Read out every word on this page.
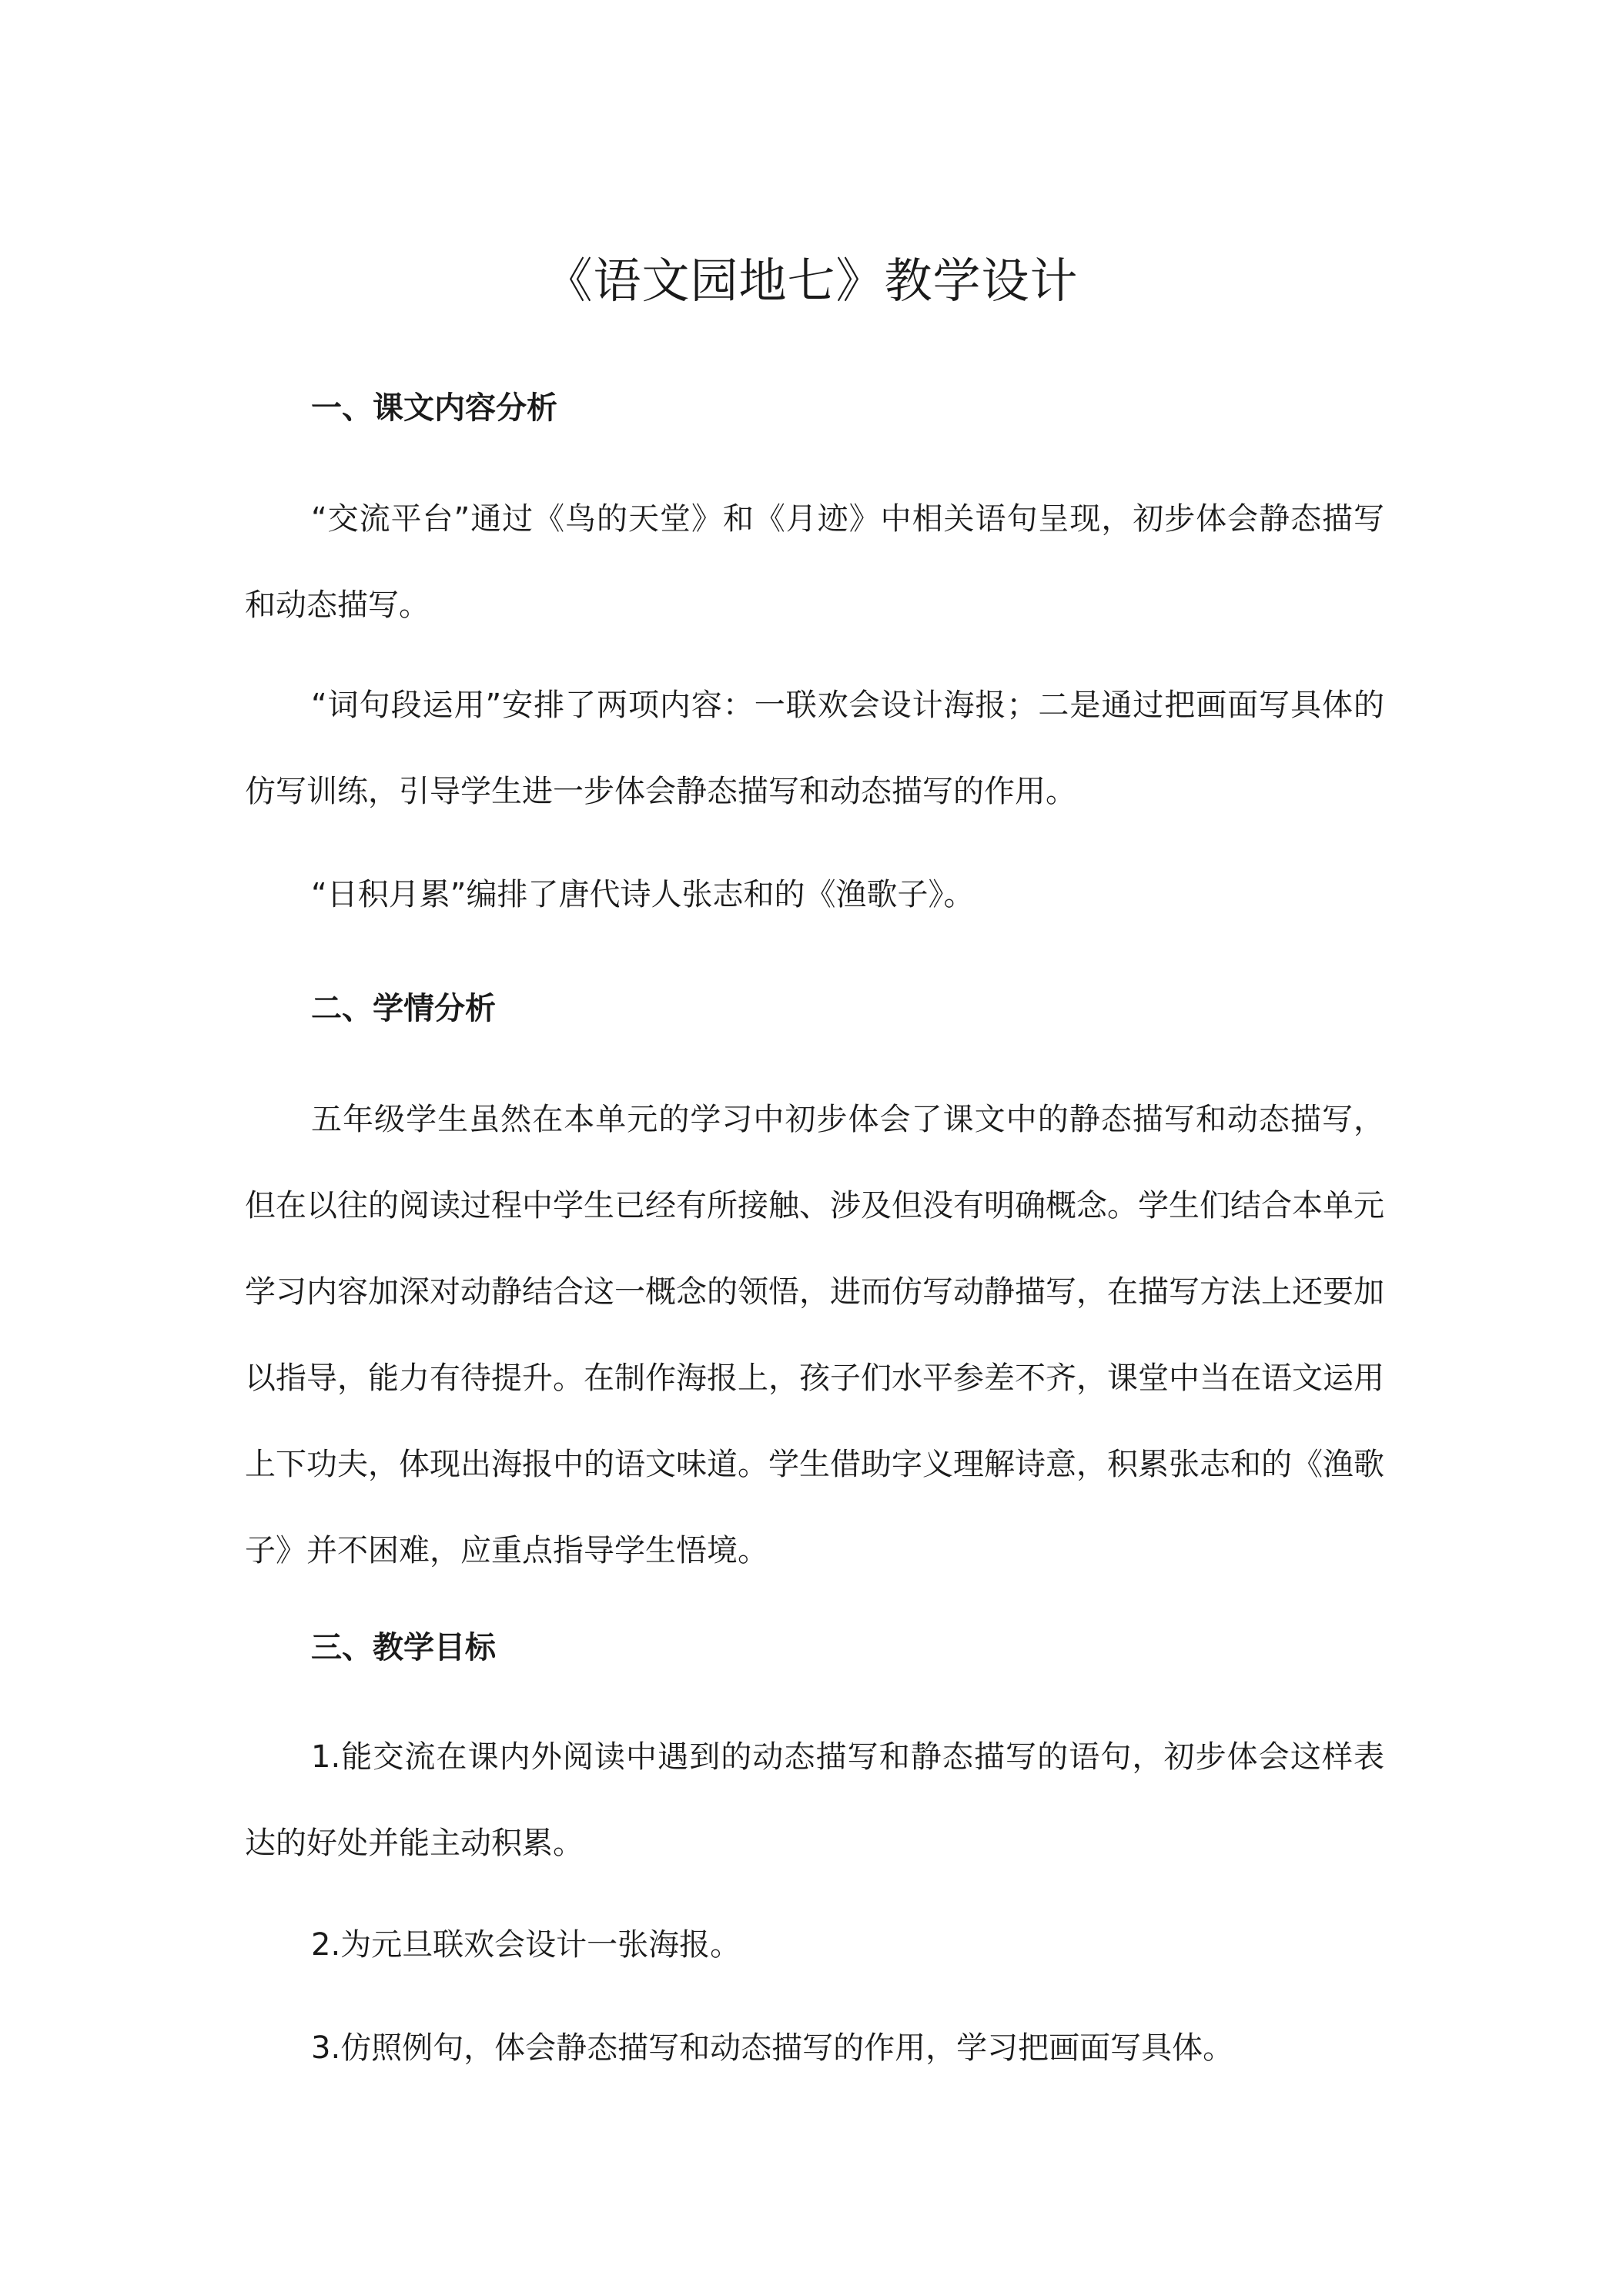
《语文园地七》教学设计
一、课文内容分析

“交流平台”通过《鸟的天堂》和《月迹》中相关语句呈现，初步体会静态描写和动态描写。

“词句段运用”安排了两项内容：一联欢会设计海报；二是通过把画面写具体的仿写训练，引导学生进一步体会静态描写和动态描写的作用。

“日积月累”编排了唐代诗人张志和的《渔歌子》。

二、学情分析

五年级学生虽然在本单元的学习中初步体会了课文中的静态描写和动态描写，但在以往的阅读过程中学生已经有所接触、涉及但没有明确概念。学生们结合本单元学习内容加深对动静结合这一概念的领悟，进而仿写动静描写，在描写方法上还要加以指导，能力有待提升。在制作海报上，孩子们水平参差不齐，课堂中当在语文运用上下功夫，体现出海报中的语文味道。学生借助字义理解诗意，积累张志和的《渔歌子》并不困难，应重点指导学生悟境。

三、教学目标

1.能交流在课内外阅读中遇到的动态描写和静态描写的语句，初步体会这样表达的好处并能主动积累。

2.为元旦联欢会设计一张海报。

3.仿照例句，体会静态描写和动态描写的作用，学习把画面写具体。
